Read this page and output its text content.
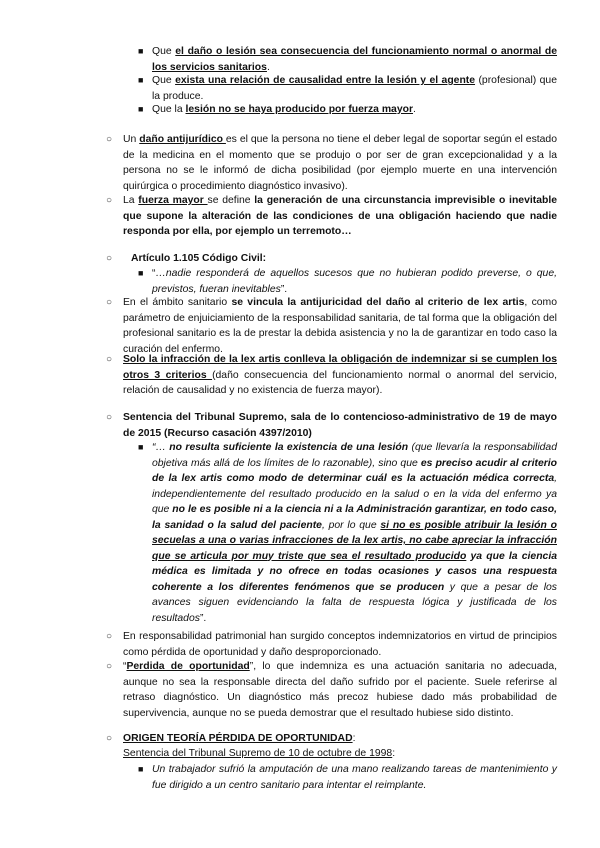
■ Que el daño o lesión sea consecuencia del funcionamiento normal o anormal de los servicios sanitarios.
■ Que exista una relación de causalidad entre la lesión y el agente (profesional) que la produce.
■ Que la lesión no se haya producido por fuerza mayor.
○ Un daño antijurídico es el que la persona no tiene el deber legal de soportar según el estado de la medicina en el momento que se produjo o por ser de gran excepcionalidad y a la persona no se le informó de dicha posibilidad (por ejemplo muerte en una intervención quirúrgica o procedimiento diagnóstico invasivo).
○ La fuerza mayor se define la generación de una circunstancia imprevisible o inevitable que supone la alteración de las condiciones de una obligación haciendo que nadie responda por ella, por ejemplo un terremoto…
○ Artículo 1.105 Código Civil:
■ “…nadie responderá de aquellos sucesos que no hubieran podido preverse, o que, previstos, fueran inevitables”.
○ En el ámbito sanitario se vincula la antijuricidad del daño al criterio de lex artis, como parámetro de enjuiciamiento de la responsabilidad sanitaria, de tal forma que la obligación del profesional sanitario es la de prestar la debida asistencia y no la de garantizar en todo caso la curación del enfermo.
○ Solo la infracción de la lex artis conlleva la obligación de indemnizar si se cumplen los otros 3 criterios (daño consecuencia del funcionamiento normal o anormal del servicio, relación de causalidad y no existencia de fuerza mayor).
○ Sentencia del Tribunal Supremo, sala de lo contencioso-administrativo de 19 de mayo de 2015 (Recurso casación 4397/2010)
■ “… no resulta suficiente la existencia de una lesión (que llevaría la responsabilidad objetiva más allá de los límites de lo razonable), sino que es preciso acudir al criterio de la lex artis como modo de determinar cuál es la actuación médica correcta, independientemente del resultado producido en la salud o en la vida del enfermo ya que no le es posible ni a la ciencia ni a la Administración garantizar, en todo caso, la sanidad o la salud del paciente, por lo que si no es posible atribuir la lesión o secuelas a una o varias infracciones de la lex artis, no cabe apreciar la infracción que se articula por muy triste que sea el resultado producido ya que la ciencia médica es limitada y no ofrece en todas ocasiones y casos una respuesta coherente a los diferentes fenómenos que se producen y que a pesar de los avances siguen evidenciando la falta de respuesta lógica y justificada de los resultados”.
○ En responsabilidad patrimonial han surgido conceptos indemnizatorios en virtud de principios como pérdida de oportunidad y daño desproporcionado.
○ “Perdida de oportunidad”, lo que indemniza es una actuación sanitaria no adecuada, aunque no sea la responsable directa del daño sufrido por el paciente. Suele referirse al retraso diagnóstico. Un diagnóstico más precoz hubiese dado más probabilidad de supervivencia, aunque no se pueda demostrar que el resultado hubiese sido distinto.
○ ORIGEN TEORÍA PÉRDIDA DE OPORTUNIDAD:
Sentencia del Tribunal Supremo de 10 de octubre de 1998:
■ Un trabajador sufrió la amputación de una mano realizando tareas de mantenimiento y fue dirigido a un centro sanitario para intentar el reimplante.
